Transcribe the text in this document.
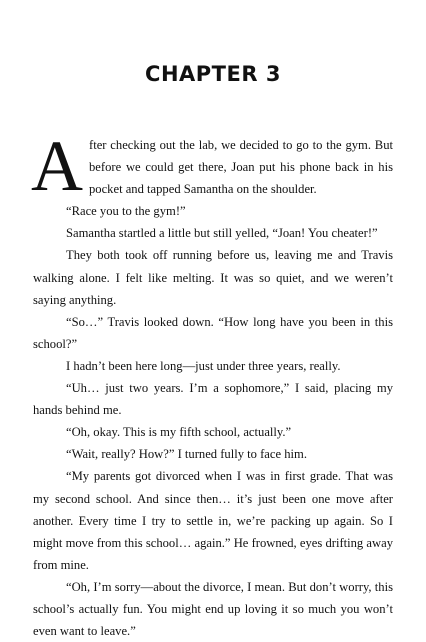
CHAPTER 3

After checking out the lab, we decided to go to the gym. But before we could get there, Joan put his phone back in his pocket and tapped Samantha on the shoulder.

“Race you to the gym!”

Samantha startled a little but still yelled, “Joan! You cheater!”

They both took off running before us, leaving me and Travis walking alone. I felt like melting. It was so quiet, and we weren’t saying anything.

“So…” Travis looked down. “How long have you been in this school?”

I hadn’t been here long—just under three years, really.

“Uh… just two years. I’m a sophomore,” I said, placing my hands behind me.

“Oh, okay. This is my fifth school, actually.”

“Wait, really? How?” I turned fully to face him.

“My parents got divorced when I was in first grade. That was my second school. And since then… it’s just been one move after another. Every time I try to settle in, we’re packing up again. So I might move from this school… again.” He frowned, eyes drifting away from mine.

“Oh, I’m sorry—about the divorce, I mean. But don’t worry, this school’s actually fun. You might end up loving it so much you won’t even want to leave.”
